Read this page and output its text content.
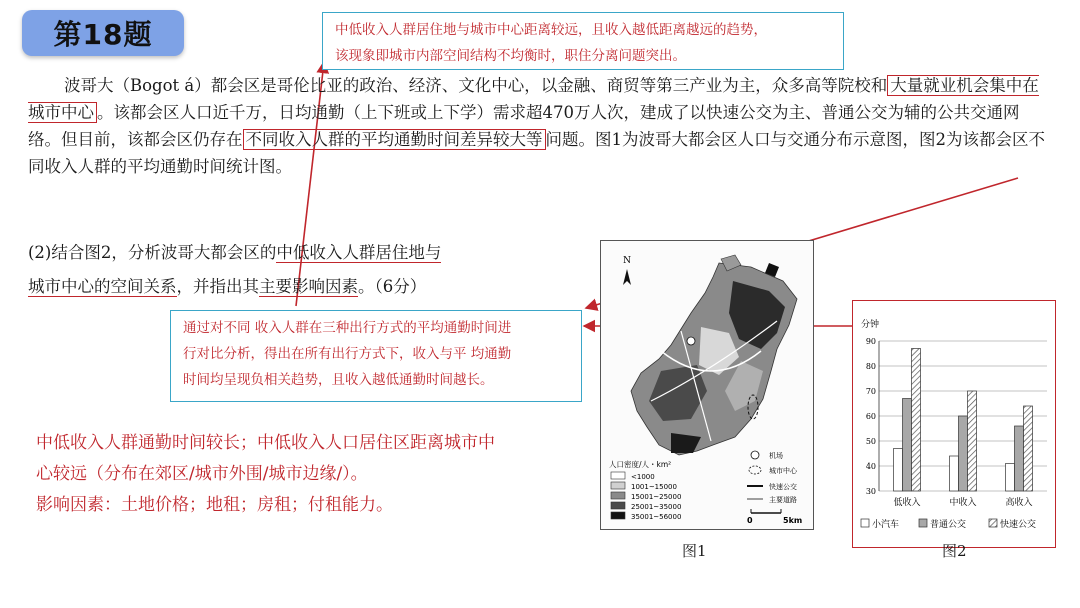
第18题	中低收入人群居住地与城市中心距离较远，且收入越低距离越远的趋势，
该现象即城市内部空间结构不均衡时，职住分离问题突出。
波哥大（Bogot á）都会区是哥伦比亚的政治、经济、文化中心，以金融、商贸等第三产业为主，众多高等院校和 大量就业机会集中在城市中心 。该都会区人口近千万，日均通勤（上下班或上下学）需求超470万人次，建成了以快速公交为主、普通公交为辅的公共交通网络。但目前，该都会区仍存在 不同收入人群的平均通勤时间差异较大等 问题。图1为波哥大都会区人口与交通分布示意图，图2为该都会区不同收入人群的平均通勤时间统计图。
(2)结合图2，分析波哥大都会区的中低收入人群居住地与
城市中心的空间关系，并指出其主要影响因素。（6分）
通过对不同 收入人群在三种出行方式的平均通勤时间进
行对比分析，得出在所有出行方式下，收入与平 均通勤
时间均呈现负相关趋势，且收入越低通勤时间越长。
中低收入人群通勤时间较长；中低收入人口居住区距离城市中
心较远（分布在郊区/城市外围/城市边缘/）。
影响因素：土地价格；地租；房租；付租能力。
N
人口密度/人・km²
<1000
1001~15000
15001~25000
25001~35000
35001~56000
机场
城市中心
快速公交
主要道路
0	5km
图1
分钟
30
40
50
60
70
80
90
低收入	中收入	高收入
小汽车	普通公交	快速公交
图2
